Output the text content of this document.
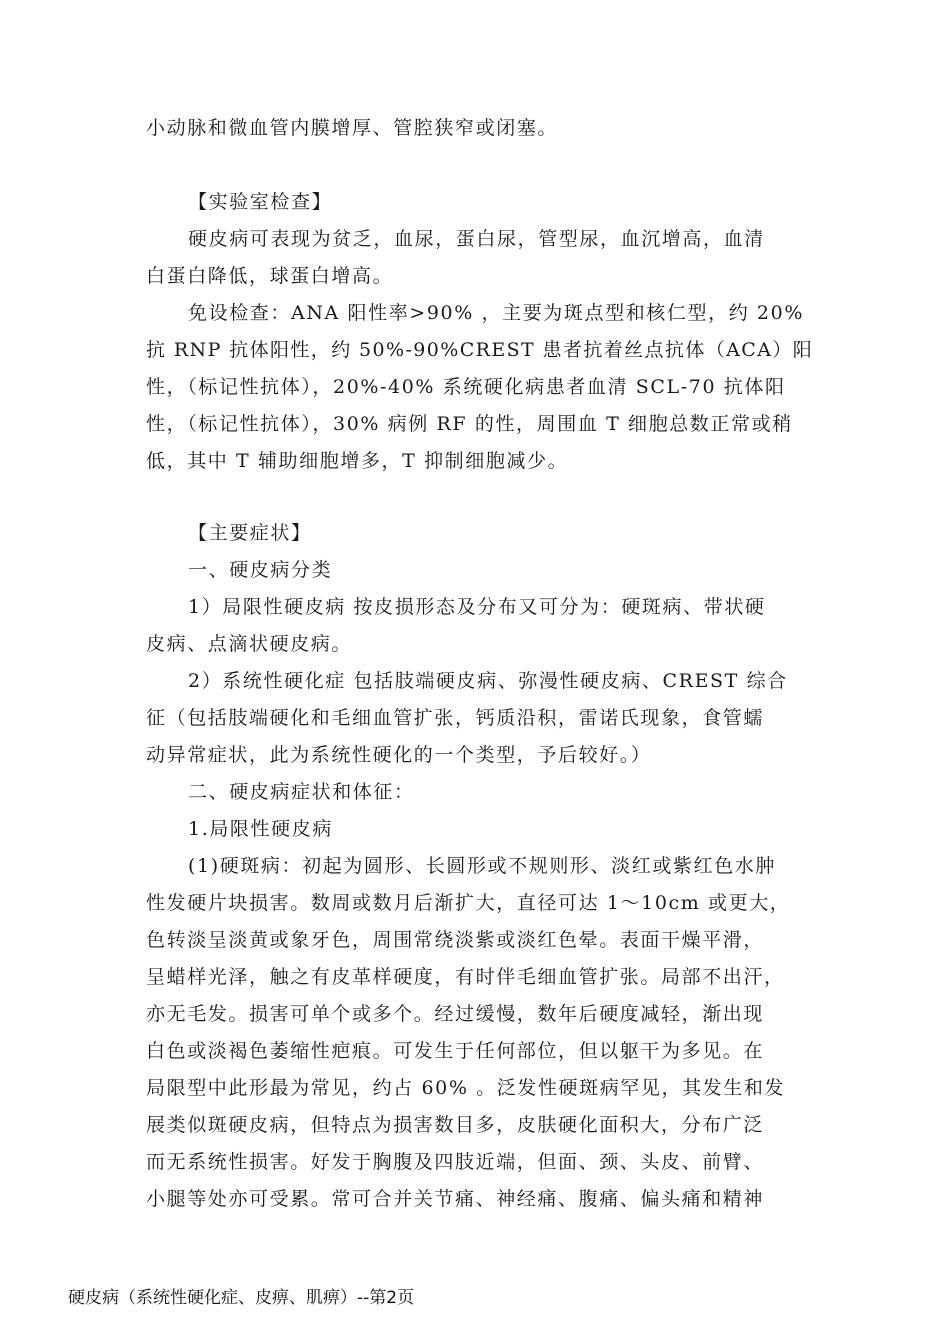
小动脉和微血管内膜增厚、管腔狭窄或闭塞。
【实验室检查】
硬皮病可表现为贫乏，血尿，蛋白尿，管型尿，血沉增高，血清
白蛋白降低，球蛋白增高。
免设检查：ANA 阳性率>90% ，主要为斑点型和核仁型，约 20%
抗 RNP 抗体阳性，约 50%-90%CREST 患者抗着丝点抗体（ACA）阳
性，（标记性抗体），20%-40% 系统硬化病患者血清 SCL-70 抗体阳
性，（标记性抗体），30% 病例 RF 的性，周围血 T 细胞总数正常或稍
低，其中 T 辅助细胞增多，T 抑制细胞减少。
【主要症状】
一、硬皮病分类
1）局限性硬皮病 按皮损形态及分布又可分为：硬斑病、带状硬
皮病、点滴状硬皮病。
2）系统性硬化症 包括肢端硬皮病、弥漫性硬皮病、CREST 综合
征（包括肢端硬化和毛细血管扩张，钙质沿积，雷诺氏现象，食管蠕
动异常症状，此为系统性硬化的一个类型，予后较好。）
二、硬皮病症状和体征：
1.局限性硬皮病
(1)硬斑病：初起为圆形、长圆形或不规则形、淡红或紫红色水肿
性发硬片块损害。数周或数月后渐扩大，直径可达 1～10cm 或更大，
色转淡呈淡黄或象牙色，周围常绕淡紫或淡红色晕。表面干燥平滑，
呈蜡样光泽，触之有皮革样硬度，有时伴毛细血管扩张。局部不出汗，
亦无毛发。损害可单个或多个。经过缓慢，数年后硬度减轻，渐出现
白色或淡褐色萎缩性疤痕。可发生于任何部位，但以躯干为多见。在
局限型中此形最为常见，约占 60% 。泛发性硬斑病罕见，其发生和发
展类似斑硬皮病，但特点为损害数目多，皮肤硬化面积大，分布广泛
而无系统性损害。好发于胸腹及四肢近端，但面、颈、头皮、前臂、
小腿等处亦可受累。常可合并关节痛、神经痛、腹痛、偏头痛和精神
硬皮病（系统性硬化症、皮痹、肌痹）--第2页
